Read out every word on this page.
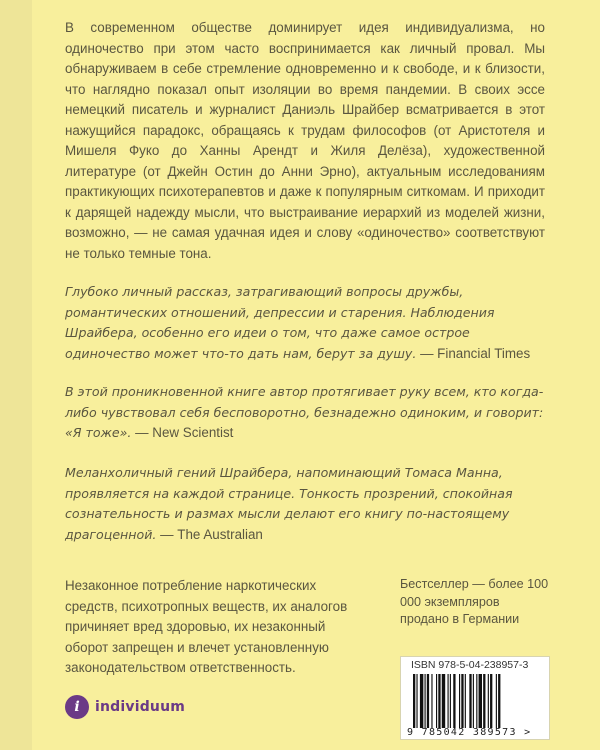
В современном обществе доминирует идея индивидуализма, но одиночество при этом часто воспринимается как личный провал. Мы обнаруживаем в себе стремление одновременно и к свободе, и к близости, что наглядно показал опыт изоляции во время пандемии. В своих эссе немецкий писатель и журналист Даниэль Шрайбер всматривается в этот нажущийся парадокс, обращаясь к трудам философов (от Аристотеля и Мишеля Фуко до Ханны Арендт и Жиля Делёза), художественной литературе (от Джейн Остин до Анни Эрно), актуальным исследованиям практикующих психотерапевтов и даже к популярным ситкомам. И приходит к дарящей надежду мысли, что выстраивание иерархий из моделей жизни, возможно, — не самая удачная идея и слову «одиночество» соответствуют не только темные тона.

Глубоко личный рассказ, затрагивающий вопросы дружбы, романтических отношений, депрессии и старения. Наблюдения Шрайбера, особенно его идеи о том, что даже самое острое одиночество может что-то дать нам, берут за душу. — Financial Times

В этой проникновенной книге автор протягивает руку всем, кто когда-либо чувствовал себя бесповоротно, безнадежно одиноким, и говорит: «Я тоже». — New Scientist

Меланхоличный гений Шрайбера, напоминающий Томаса Манна, проявляется на каждой странице. Тонкость прозрений, спокойная сознательность и размах мысли делают его книгу по-настоящему драгоценной. — The Australian

Незаконное потребление наркотических средств, психотропных веществ, их аналогов причиняет вред здоровью, их незаконный оборот запрещен и влечет установленную законодательством ответственность.

Бестселлер — более 100 000 экземпляров продано в Германии

ISBN 978-5-04-238957-3
9 785042 389573 >
i	individuum
